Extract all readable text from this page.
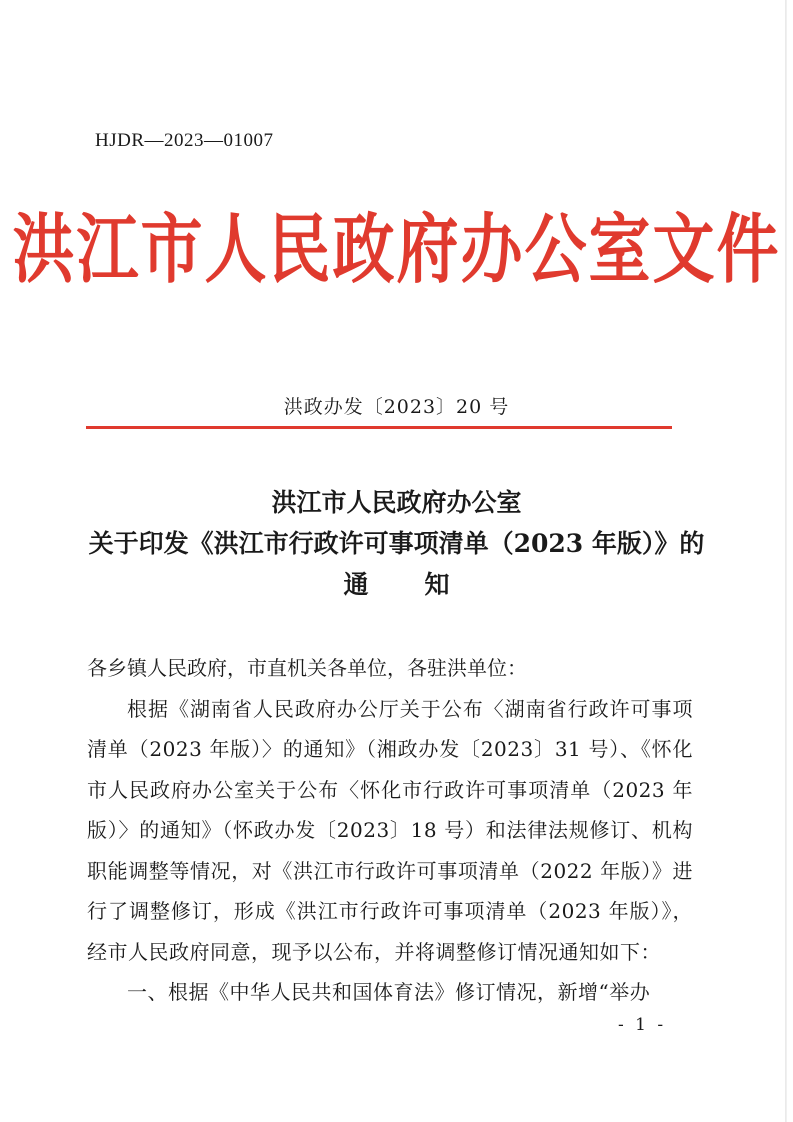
HJDR—2023—01007
洪江市人民政府办公室文件
洪政办发〔2023〕20 号
洪江市人民政府办公室
关于印发《洪江市行政许可事项清单（2023 年版）》的
通知

各乡镇人民政府，市直机关各单位，各驻洪单位：

根据《湖南省人民政府办公厅关于公布〈湖南省行政许可事项清单（2023 年版）〉的通知》（湘政办发〔2023〕31 号）、《怀化市人民政府办公室关于公布〈怀化市行政许可事项清单（2023 年版）〉的通知》（怀政办发〔2023〕18 号）和法律法规修订、机构职能调整等情况，对《洪江市行政许可事项清单（2022 年版）》进行了调整修订，形成《洪江市行政许可事项清单（2023 年版）》，经市人民政府同意，现予以公布，并将调整修订情况通知如下：

一、根据《中华人民共和国体育法》修订情况，新增“举办

- 1 -
